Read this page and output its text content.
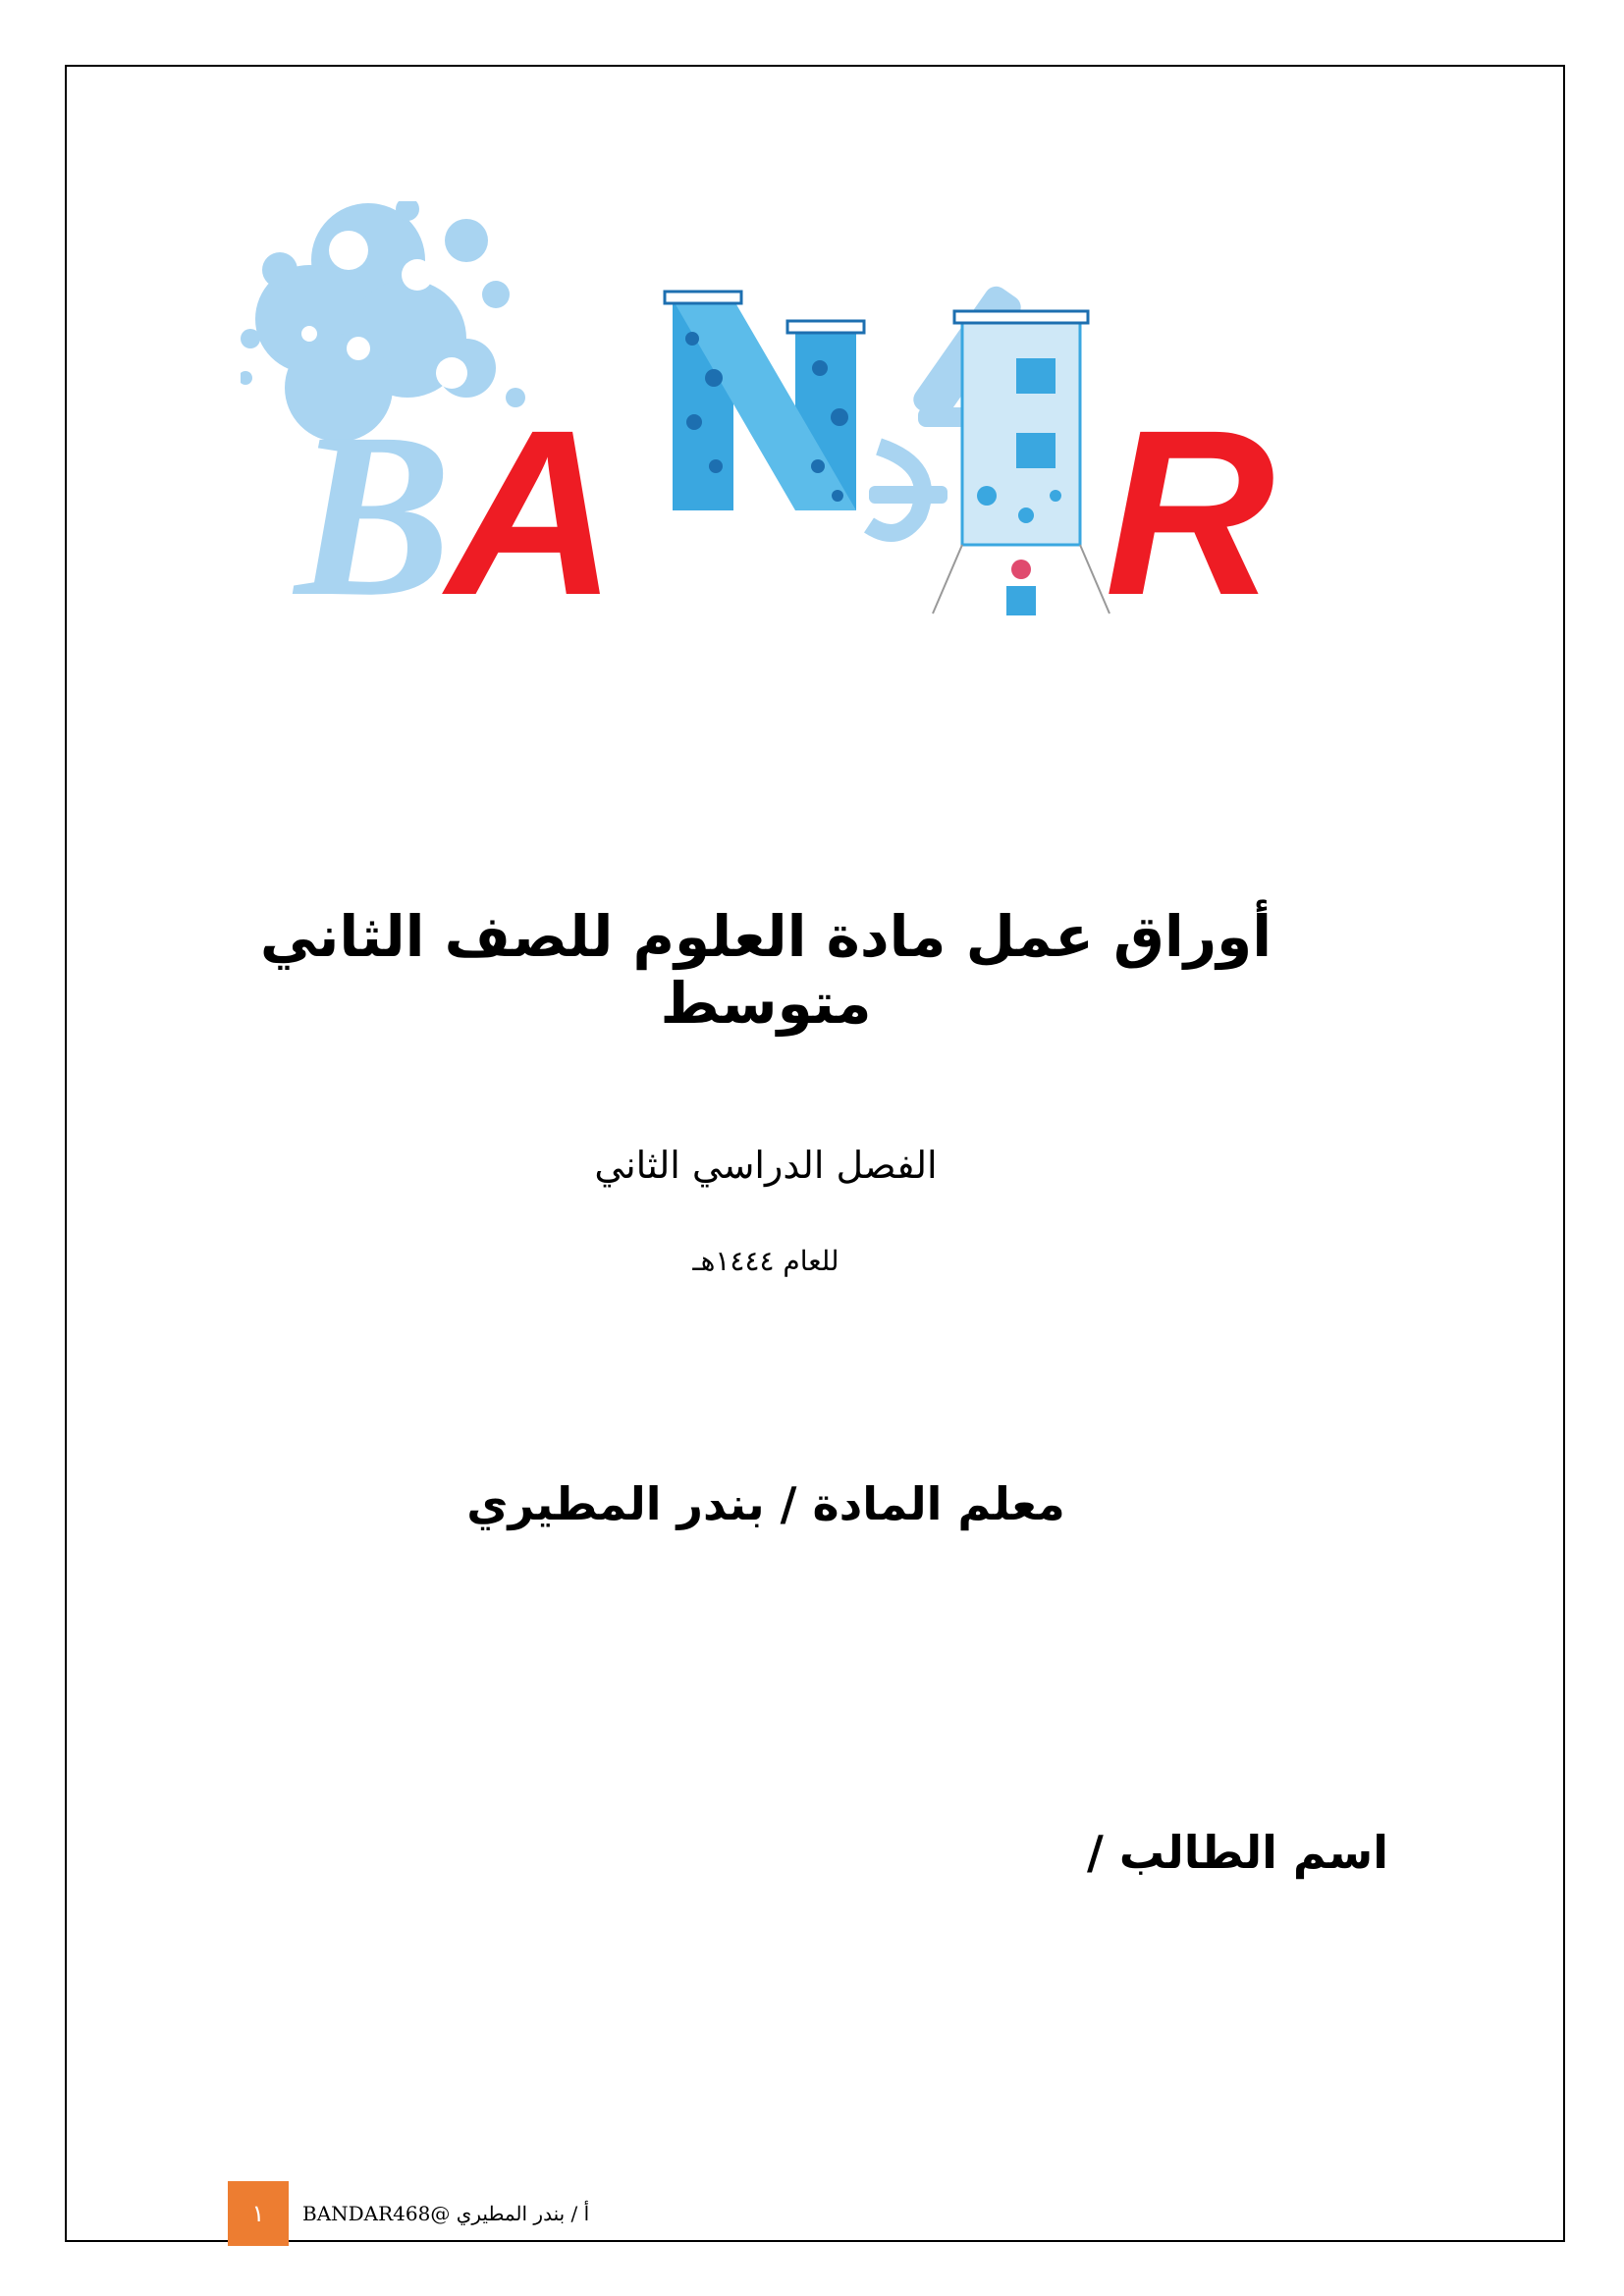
B
A R
أوراق عمل مادة العلوم للصف الثاني متوسط
الفصل الدراسي الثاني
للعام ١٤٤٤هـ
معلم المادة / بندر المطيري
اسم الطالب /
١	أ / بندر المطيري @BANDAR468
